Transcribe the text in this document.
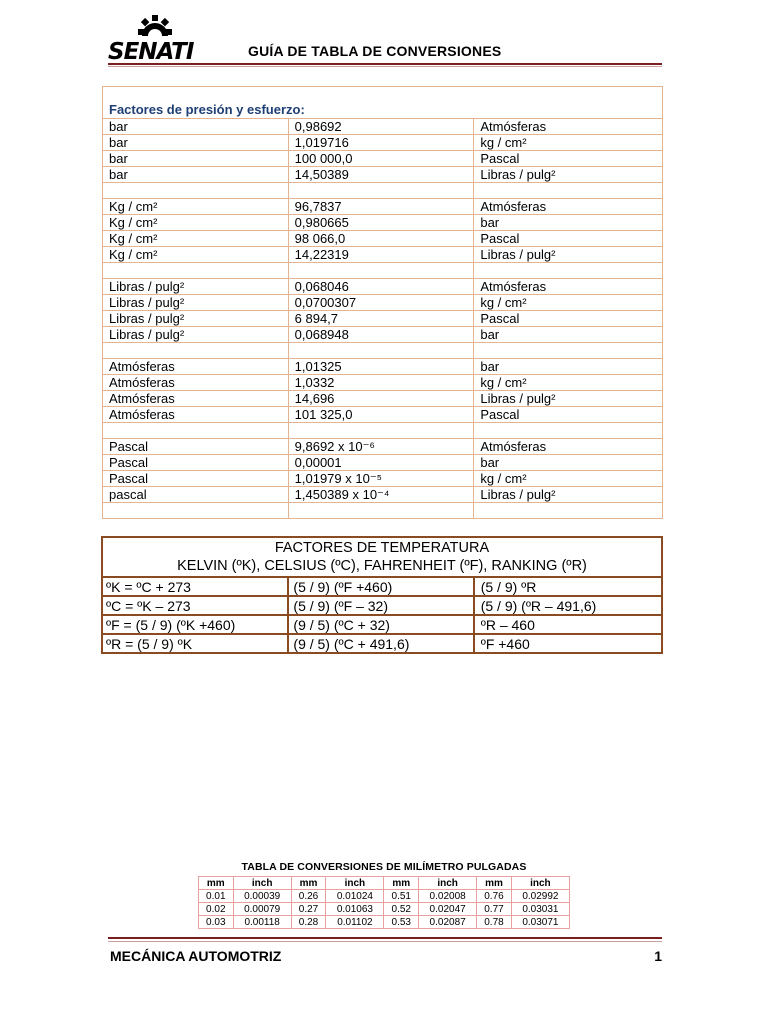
SENATI	GUÍA DE TABLA DE CONVERSIONES
Factores de presión y esfuerzo:		
bar	0,98692	Atmósferas
bar	1,019716	kg / cm²
bar	100 000,0	Pascal
bar	14,50389	Libras / pulg²

Kg / cm²	96,7837	Atmósferas
Kg / cm²	0,980665	bar
Kg / cm²	98 066,0	Pascal
Kg / cm²	14,22319	Libras / pulg²

Libras / pulg²	0,068046	Atmósferas
Libras / pulg²	0,0700307	kg / cm²
Libras / pulg²	6 894,7	Pascal
Libras / pulg²	0,068948	bar

Atmósferas	1,01325	bar
Atmósferas	1,0332	kg / cm²
Atmósferas	14,696	Libras / pulg²
Atmósferas	101 325,0	Pascal

Pascal	9,8692 x 10⁻⁶	Atmósferas
Pascal	0,00001	bar
Pascal	1,01979 x 10⁻⁵	kg / cm²
pascal	1,450389 x 10⁻⁴	Libras / pulg²

FACTORES DE TEMPERATURA
KELVIN (ºK), CELSIUS (ºC), FAHRENHEIT (ºF), RANKING (ºR)		

ºK = ºC + 273	(5 / 9) (ºF +460)	(5 / 9) ºR
ºC = ºK – 273	(5 / 9) (ºF – 32)	(5 / 9) (ºR – 491,6)
ºF = (5 / 9) (ºK +460)	(9 / 5) (ºC + 32)	ºR – 460
ºR = (5 / 9) ºK	(9 / 5) (ºC + 491,6)	ºF +460
TABLA DE CONVERSIONES DE MILÍMETRO PULGADAS
mm	inch	mm	inch	mm	inch	mm	inch
0.01	0.00039	0.26	0.01024	0.51	0.02008	0.76	0.02992
0.02	0.00079	0.27	0.01063	0.52	0.02047	0.77	0.03031
0.03	0.00118	0.28	0.01102	0.53	0.02087	0.78	0.03071
MECÁNICA AUTOMOTRIZ	1
